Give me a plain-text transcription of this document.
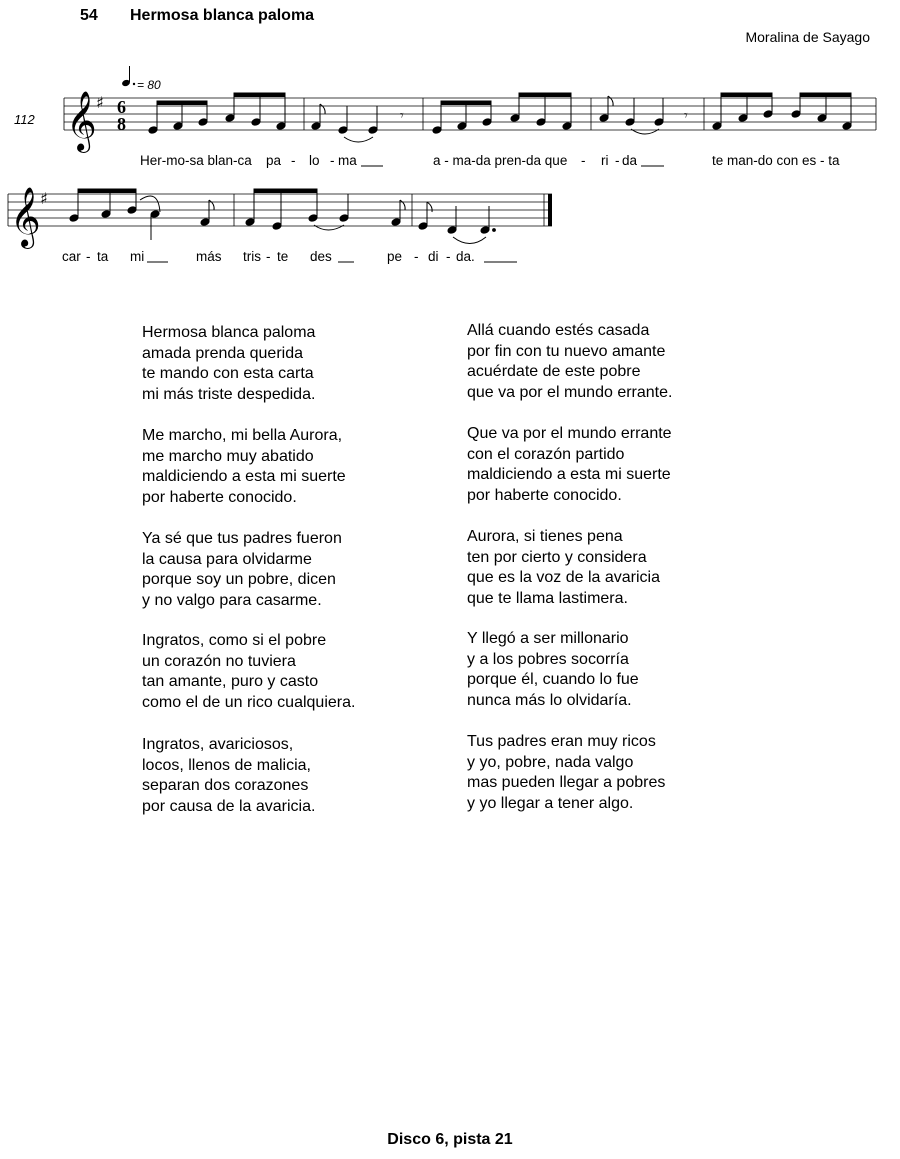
54 Hermosa blanca paloma
Moralina de Sayago
= 80
112 𝄞 ♯ 6
8	𝄾	𝄾
𝄞 ♯
Her-mo-sa blan-ca pa - lo - ma	a - ma-da pren-da que - ri - da	te man-do con es - ta
car - ta mi	más tris - te des	pe - di - da.
Hermosa blanca paloma
amada prenda querida
te mando con esta carta
mi más triste despedida.
Me marcho, mi bella Aurora,
me marcho muy abatido
maldiciendo a esta mi suerte
por haberte conocido.
Ya sé que tus padres fueron
la causa para olvidarme
porque soy un pobre, dicen
y no valgo para casarme.
Ingratos, como si el pobre
un corazón no tuviera
tan amante, puro y casto
como el de un rico cualquiera.
Ingratos, avariciosos,
locos, llenos de malicia,
separan dos corazones
por causa de la avaricia.
Allá cuando estés casada
por fin con tu nuevo amante
acuérdate de este pobre
que va por el mundo errante.
Que va por el mundo errante
con el corazón partido
maldiciendo a esta mi suerte
por haberte conocido.
Aurora, si tienes pena
ten por cierto y considera
que es la voz de la avaricia
que te llama lastimera.
Y llegó a ser millonario
y a los pobres socorría
porque él, cuando lo fue
nunca más lo olvidaría.
Tus padres eran muy ricos
y yo, pobre, nada valgo
mas pueden llegar a pobres
y yo llegar a tener algo.
Disco 6, pista 21
